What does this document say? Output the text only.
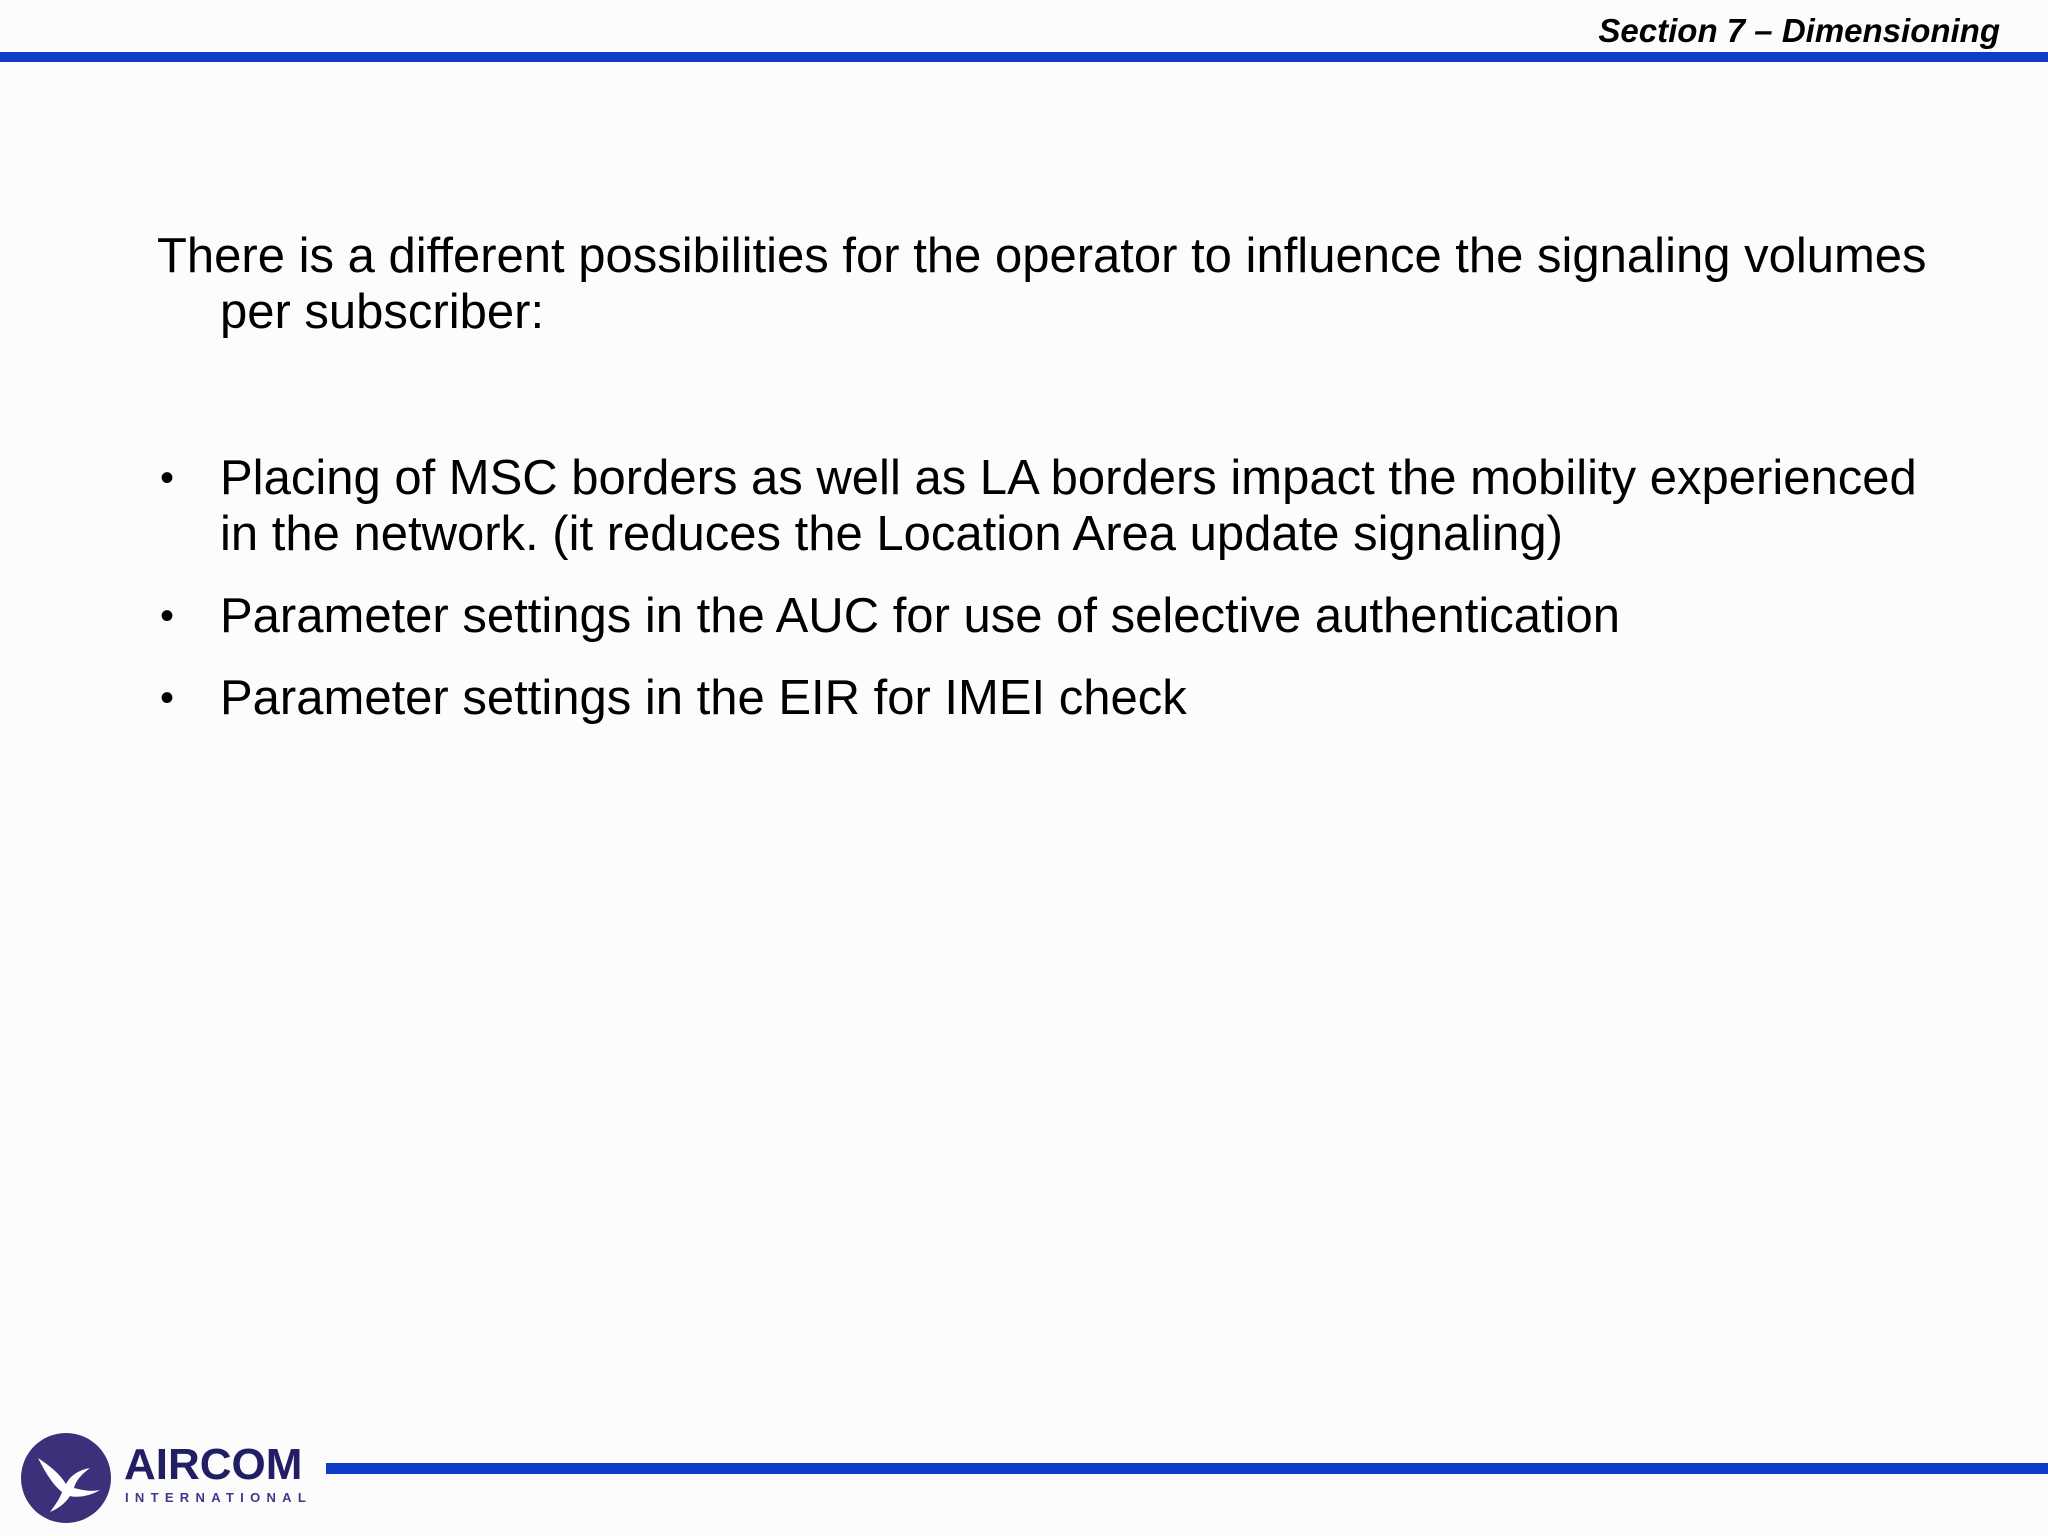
Section 7 – Dimensioning

There is a different possibilities for the operator to influence the signaling volumes per subscriber:

• Placing of MSC borders as well as LA borders impact the mobility experienced in the network. (it reduces the Location Area update signaling)
• Parameter settings in the AUC for use of selective authentication
• Parameter settings in the EIR for IMEI check
AIRCOM
INTERNATIONAL
